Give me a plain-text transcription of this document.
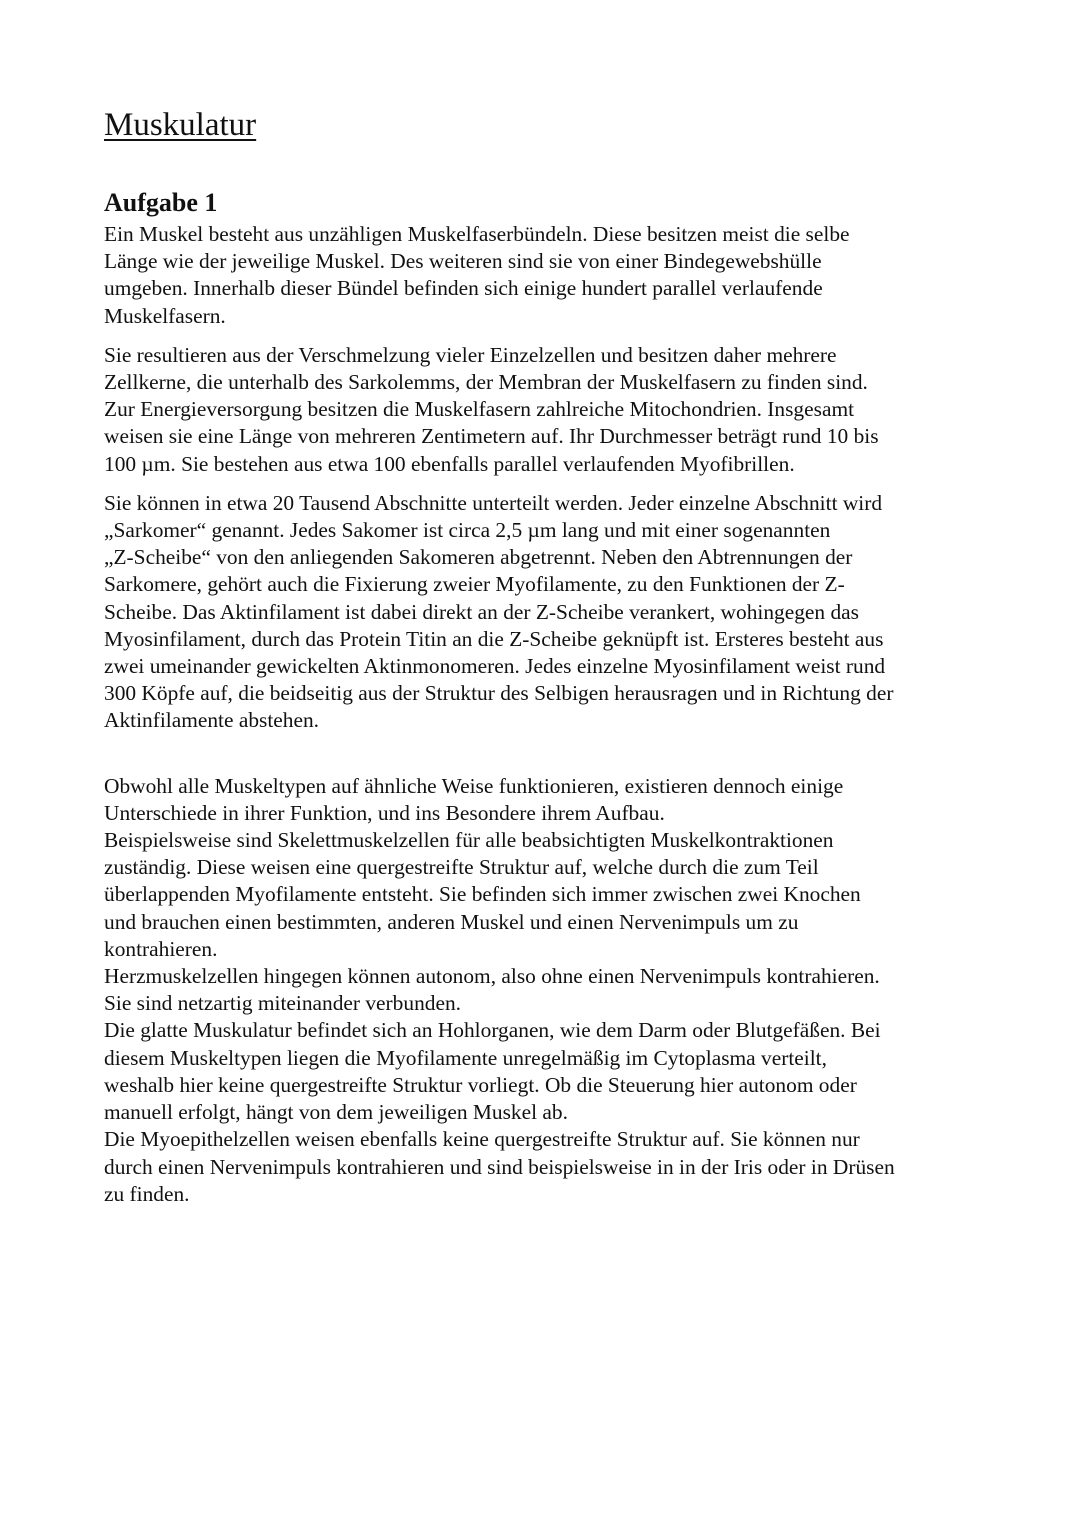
Muskulatur
Aufgabe 1

Ein Muskel besteht aus unzähligen Muskelfaserbündeln. Diese besitzen meist die selbe
Länge wie der jeweilige Muskel. Des weiteren sind sie von einer Bindegewebshülle
umgeben. Innerhalb dieser Bündel befinden sich einige hundert parallel verlaufende
Muskelfasern.

Sie resultieren aus der Verschmelzung vieler Einzelzellen und besitzen daher mehrere
Zellkerne, die unterhalb des Sarkolemms, der Membran der Muskelfasern zu finden sind.
Zur Energieversorgung besitzen die Muskelfasern zahlreiche Mitochondrien. Insgesamt
weisen sie eine Länge von mehreren Zentimetern auf. Ihr Durchmesser beträgt rund 10 bis
100 µm. Sie bestehen aus etwa 100 ebenfalls parallel verlaufenden Myofibrillen.

Sie können in etwa 20 Tausend Abschnitte unterteilt werden. Jeder einzelne Abschnitt wird
„Sarkomer“ genannt. Jedes Sakomer ist circa 2,5 µm lang und mit einer sogenannten
„Z-Scheibe“ von den anliegenden Sakomeren abgetrennt. Neben den Abtrennungen der
Sarkomere, gehört auch die Fixierung zweier Myofilamente, zu den Funktionen der Z-
Scheibe. Das Aktinfilament ist dabei direkt an der Z-Scheibe verankert, wohingegen das
Myosinfilament, durch das Protein Titin an die Z-Scheibe geknüpft ist. Ersteres besteht aus
zwei umeinander gewickelten Aktinmonomeren. Jedes einzelne Myosinfilament weist rund
300 Köpfe auf, die beidseitig aus der Struktur des Selbigen herausragen und in Richtung der
Aktinfilamente abstehen.

Obwohl alle Muskeltypen auf ähnliche Weise funktionieren, existieren dennoch einige
Unterschiede in ihrer Funktion, und ins Besondere ihrem Aufbau.
Beispielsweise sind Skelettmuskelzellen für alle beabsichtigten Muskelkontraktionen
zuständig. Diese weisen eine quergestreifte Struktur auf, welche durch die zum Teil
überlappenden Myofilamente entsteht. Sie befinden sich immer zwischen zwei Knochen
und brauchen einen bestimmten, anderen Muskel und einen Nervenimpuls um zu
kontrahieren.
Herzmuskelzellen hingegen können autonom, also ohne einen Nervenimpuls kontrahieren.
Sie sind netzartig miteinander verbunden.
Die glatte Muskulatur befindet sich an Hohlorganen, wie dem Darm oder Blutgefäßen. Bei
diesem Muskeltypen liegen die Myofilamente unregelmäßig im Cytoplasma verteilt,
weshalb hier keine quergestreifte Struktur vorliegt. Ob die Steuerung hier autonom oder
manuell erfolgt, hängt von dem jeweiligen Muskel ab.
Die Myoepithelzellen weisen ebenfalls keine quergestreifte Struktur auf. Sie können nur
durch einen Nervenimpuls kontrahieren und sind beispielsweise in in der Iris oder in Drüsen
zu finden.
